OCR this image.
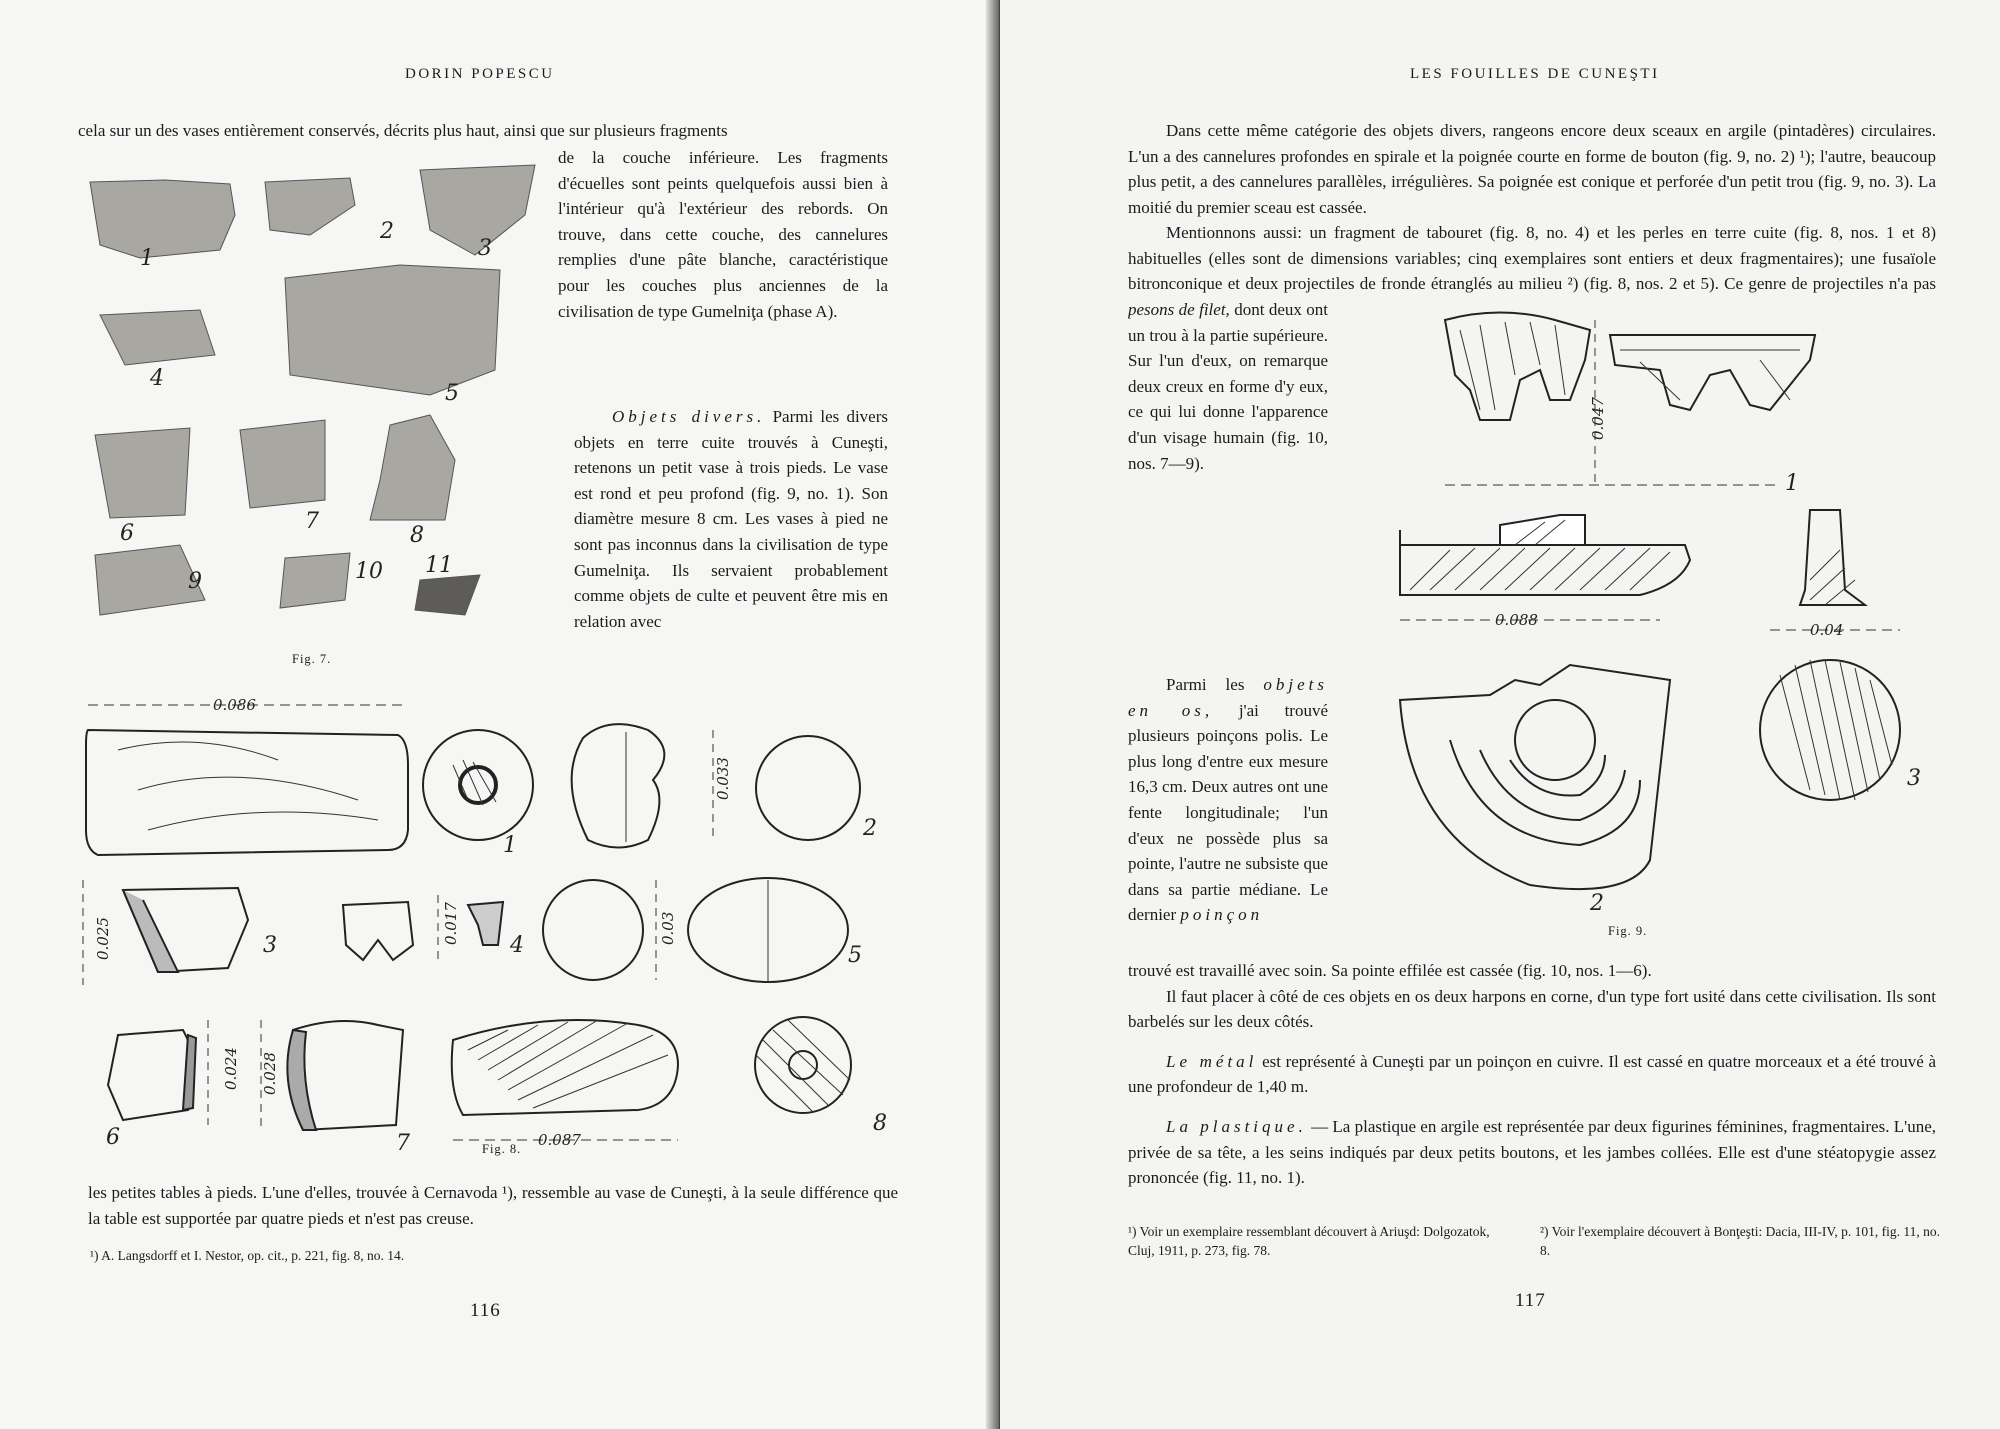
DORIN POPESCU

cela sur un des vases entièrement conservés, décrits plus haut, ainsi que sur plusieurs fragments

de la couche inférieure. Les fragments d'écuelles sont peints quelquefois aussi bien à l'intérieur qu'à l'extérieur des rebords. On trouve, dans cette couche, des cannelures remplies d'une pâte blanche, caractéristique pour les couches plus anciennes de la civilisation de type Gumelniţa (phase A).

Objets divers. Parmi les divers objets en terre cuite trouvés à Cuneşti, retenons un petit vase à trois pieds. Le vase est rond et peu profond (fig. 9, no. 1). Son diamètre mesure 8 cm. Les vases à pied ne sont pas inconnus dans la civilisation de type Gumelniţa. Ils servaient probablement comme objets de culte et peuvent être mis en relation avec

1
2
3
4
5
6	7
8
9	10 11
Fig. 7.
0.086
1
0.033
2
0.025	3
0.017
4
0.03
5
0.024
6
0.028
7	0.087
8
Fig. 8.

les petites tables à pieds. L'une d'elles, trouvée à Cernavoda ¹), ressemble au vase de Cuneşti, à la seule différence que la table est supportée par quatre pieds et n'est pas creuse.

¹) A. Langsdorff et I. Nestor, op. cit., p. 221, fig. 8, no. 14.
116
LES FOUILLES DE CUNEŞTI

Dans cette même catégorie des objets divers, rangeons encore deux sceaux en argile (pintadères) circulaires. L'un a des cannelures profondes en spirale et la poignée courte en forme de bouton (fig. 9, no. 2) ¹); l'autre, beaucoup plus petit, a des cannelures parallèles, irrégulières. Sa poignée est conique et perforée d'un petit trou (fig. 9, no. 3). La moitié du premier sceau est cassée.

Mentionnons aussi: un fragment de tabouret (fig. 8, no. 4) et les perles en terre cuite (fig. 8, nos. 1 et 8) habituelles (elles sont de dimensions variables; cinq exemplaires sont entiers et deux fragmentaires); une fusaïole bitronconique et deux projectiles de fronde étranglés au milieu ²) (fig. 8, nos. 2 et 5). Ce genre de projectiles n'a pas

pesons de filet, dont deux ont un trou à la partie supérieure. Sur l'un d'eux, on remarque deux creux en forme d'y eux, ce qui lui donne l'apparence d'un visage humain (fig. 10, nos. 7—9).

Parmi les objets en os, j'ai trouvé plusieurs poinçons polis. Le plus long d'entre eux mesure 16,3 cm. Deux autres ont une fente longitudinale; l'un d'eux ne possède plus sa pointe, l'autre ne subsiste que dans sa partie médiane. Le dernier poinçon

trouvé est travaillé avec soin. Sa pointe effilée est cassée (fig. 10, nos. 1—6).

Il faut placer à côté de ces objets en os deux harpons en corne, d'un type fort usité dans cette civilisation. Ils sont barbelés sur les deux côtés.

Le métal est représenté à Cuneşti par un poinçon en cuivre. Il est cassé en quatre morceaux et a été trouvé à une profondeur de 1,40 m.

La plastique. — La plastique en argile est représentée par deux figurines féminines, fragmentaires. L'une, privée de sa tête, a les seins indiqués par deux petits boutons, et les jambes collées. Elle est d'une stéatopygie assez prononcée (fig. 11, no. 1).

0.047
1
0.088
2
0.04
3
Fig. 9.
¹) Voir un exemplaire ressemblant découvert à Ariuşd: Dolgozatok, Cluj, 1911, p. 273, fig. 78.
²) Voir l'exemplaire découvert à Bonţeşti: Dacia, III-IV, p. 101, fig. 11, no. 8.
117
